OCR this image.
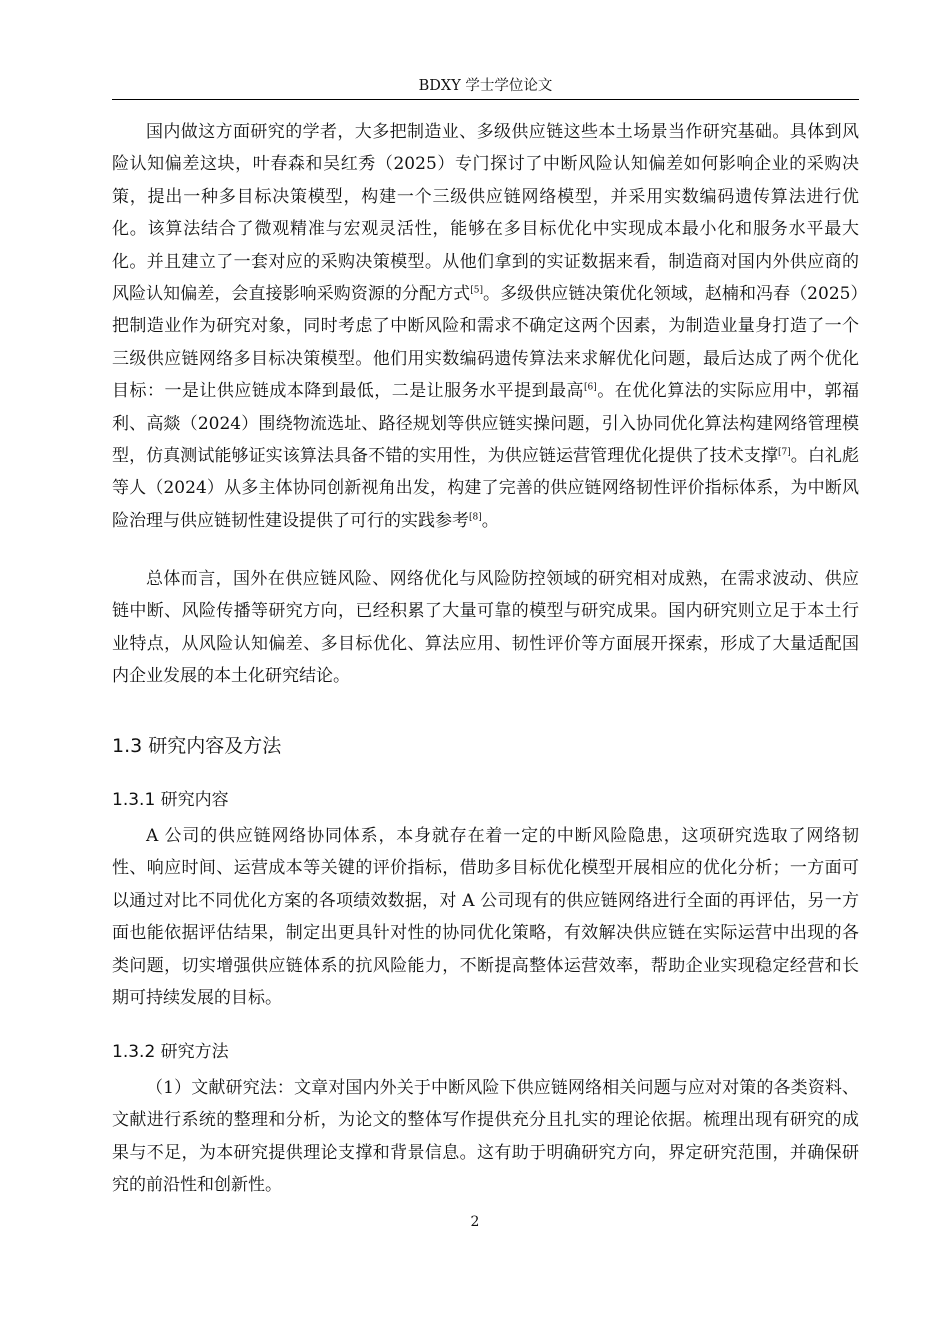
BDXY 学士学位论文

国内做这方面研究的学者，大多把制造业、多级供应链这些本土场景当作研究基础。具体到风险认知偏差这块，叶春森和吴红秀（2025）专门探讨了中断风险认知偏差如何影响企业的采购决策，提出一种多目标决策模型，构建一个三级供应链网络模型，并采用实数编码遗传算法进行优化。该算法结合了微观精准与宏观灵活性，能够在多目标优化中实现成本最小化和服务水平最大化。并且建立了一套对应的采购决策模型。从他们拿到的实证数据来看，制造商对国内外供应商的风险认知偏差，会直接影响采购资源的分配方式[5]。多级供应链决策优化领域，赵楠和冯春（2025）把制造业作为研究对象，同时考虑了中断风险和需求不确定这两个因素，为制造业量身打造了一个三级供应链网络多目标决策模型。他们用实数编码遗传算法来求解优化问题，最后达成了两个优化目标：一是让供应链成本降到最低，二是让服务水平提到最高[6]。在优化算法的实际应用中，郭福利、高燚（2024）围绕物流选址、路径规划等供应链实操问题，引入协同优化算法构建网络管理模型，仿真测试能够证实该算法具备不错的实用性，为供应链运营管理优化提供了技术支撑[7]。白礼彪等人（2024）从多主体协同创新视角出发，构建了完善的供应链网络韧性评价指标体系，为中断风险治理与供应链韧性建设提供了可行的实践参考[8]。

总体而言，国外在供应链风险、网络优化与风险防控领域的研究相对成熟，在需求波动、供应链中断、风险传播等研究方向，已经积累了大量可靠的模型与研究成果。国内研究则立足于本土行业特点，从风险认知偏差、多目标优化、算法应用、韧性评价等方面展开探索，形成了大量适配国内企业发展的本土化研究结论。

1.3 研究内容及方法
1.3.1 研究内容

A 公司的供应链网络协同体系，本身就存在着一定的中断风险隐患，这项研究选取了网络韧性、响应时间、运营成本等关键的评价指标，借助多目标优化模型开展相应的优化分析；一方面可以通过对比不同优化方案的各项绩效数据，对 A 公司现有的供应链网络进行全面的再评估，另一方面也能依据评估结果，制定出更具针对性的协同优化策略，有效解决供应链在实际运营中出现的各类问题，切实增强供应链体系的抗风险能力，不断提高整体运营效率，帮助企业实现稳定经营和长期可持续发展的目标。

1.3.2 研究方法

（1）文献研究法：文章对国内外关于中断风险下供应链网络相关问题与应对对策的各类资料、文献进行系统的整理和分析，为论文的整体写作提供充分且扎实的理论依据。梳理出现有研究的成果与不足，为本研究提供理论支撑和背景信息。这有助于明确研究方向，界定研究范围，并确保研究的前沿性和创新性。

2
